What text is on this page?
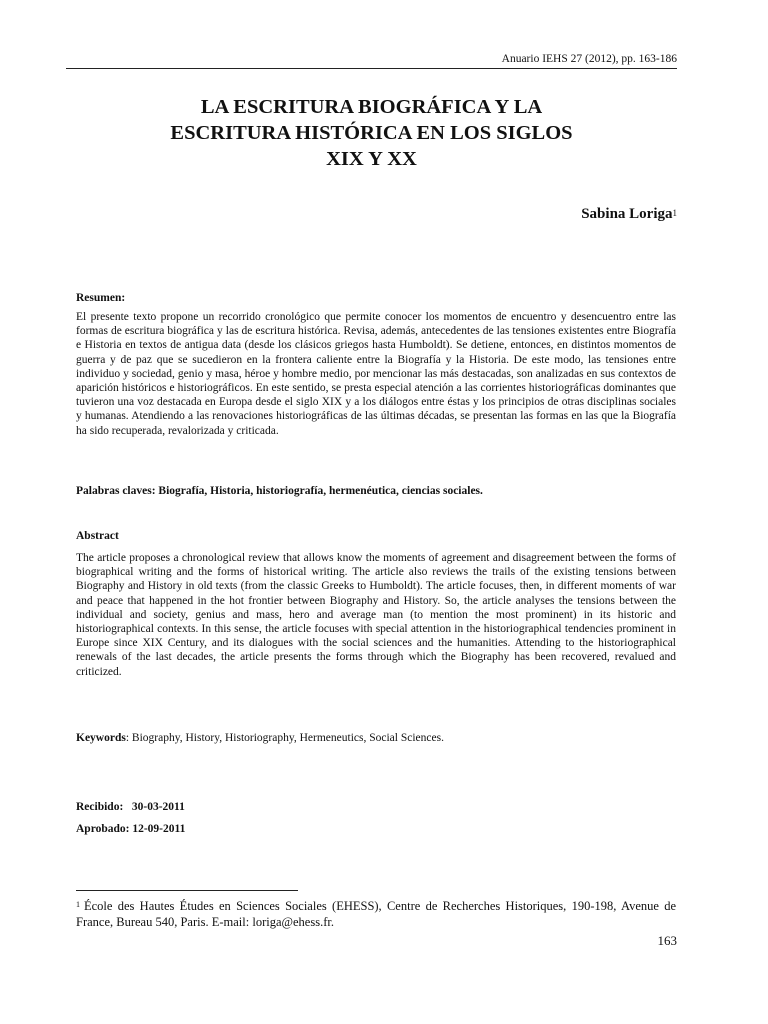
Anuario IEHS 27 (2012), pp. 163-186
LA ESCRITURA BIOGRÁFICA Y LA
ESCRITURA HISTÓRICA EN LOS SIGLOS
XIX Y XX
Sabina Loriga$^1$
Resumen:
El presente texto propone un recorrido cronológico que permite conocer los momentos de encuentro y desencuentro entre las formas de escritura biográfica y las de escritura histórica. Revisa, además, antecedentes de las tensiones existentes entre Biografía e Historia en textos de antigua data (desde los clásicos griegos hasta Humboldt). Se detiene, entonces, en distintos momentos de guerra y de paz que se sucedieron en la frontera caliente entre la Biografía y la Historia. De este modo, las tensiones entre individuo y sociedad, genio y masa, héroe y hombre medio, por mencionar las más destacadas, son analizadas en sus contextos de aparición históricos e historiográficos. En este sentido, se presta especial atención a las corrientes historiográficas dominantes que tuvieron una voz destacada en Europa desde el siglo XIX y a los diálogos entre éstas y los principios de otras disciplinas sociales y humanas. Atendiendo a las renovaciones historiográficas de las últimas décadas, se presentan las formas en las que la Biografía ha sido recuperada, revalorizada y criticada.
Palabras claves: Biografía, Historia, historiografía, hermenéutica, ciencias sociales.
Abstract
The article proposes a chronological review that allows know the moments of agreement and disagreement between the forms of biographical writing and the forms of historical writing. The article also reviews the trails of the existing tensions between Biography and History in old texts (from the classic Greeks to Humboldt). The article focuses, then, in different moments of war and peace that happened in the hot frontier between Biography and History. So, the article analyses the tensions between the individual and society, genius and mass, hero and average man (to mention the most prominent) in its historic and historiographical contexts. In this sense, the article focuses with special attention in the historiographical tendencies prominent in Europe since XIX Century, and its dialogues with the social sciences and the humanities. Attending to the historiographical renewals of the last decades, the article presents the forms through which the Biography has been recovered, revalued and criticized.
Keywords: Biography, History, Historiography, Hermeneutics, Social Sciences.
Recibido:   30-03-2011
Aprobado: 12-09-2011
$^1$ École des Hautes Études en Sciences Sociales (EHESS), Centre de Recherches Historiques, 190-198, Avenue de France, Bureau 540, Paris. E-mail: loriga@ehess.fr.
163
